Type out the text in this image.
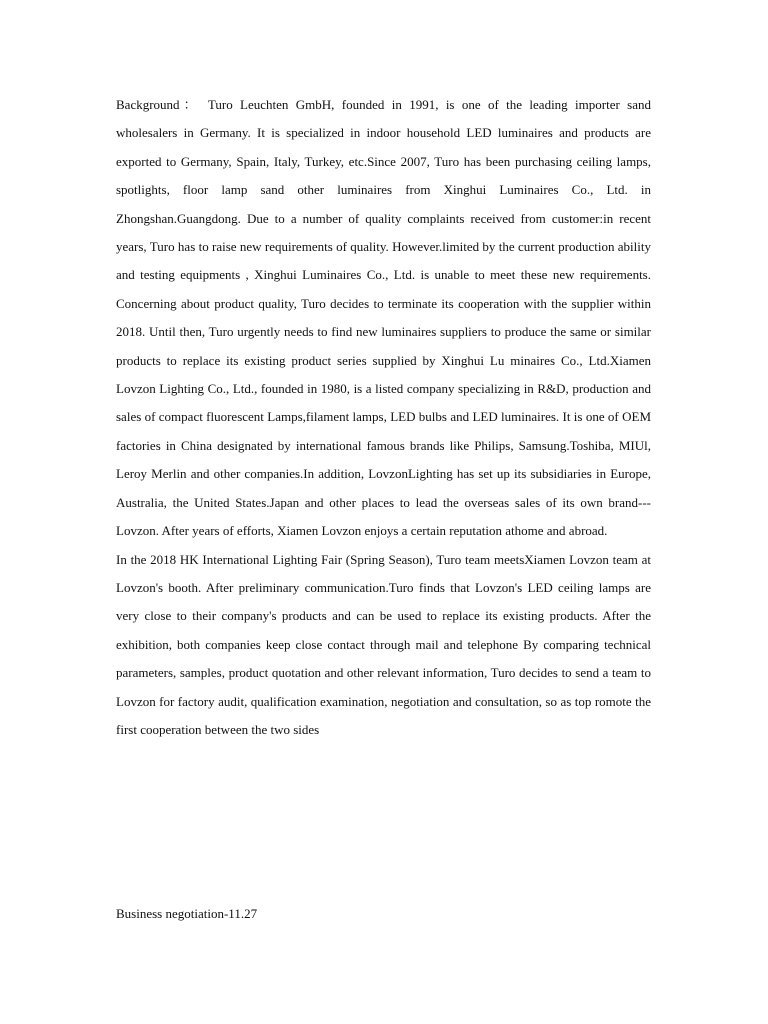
Background： Turo Leuchten GmbH, founded in 1991, is one of the leading importer sand wholesalers in Germany. It is specialized in indoor household LED luminaires and products are exported to Germany, Spain, Italy, Turkey, etc.Since 2007, Turo has been purchasing ceiling lamps, spotlights, floor lamp sand other luminaires from Xinghui Luminaires Co., Ltd. in Zhongshan.Guangdong. Due to a number of quality complaints received from customer:in recent years, Turo has to raise new requirements of quality. However.limited by the current production ability and testing equipments , Xinghui Luminaires Co., Ltd. is unable to meet these new requirements. Concerning about product quality, Turo decides to terminate its cooperation with the supplier within 2018. Until then, Turo urgently needs to find new luminaires suppliers to produce the same or similar products to replace its existing product series supplied by Xinghui Lu minaires Co., Ltd.Xiamen Lovzon Lighting Co., Ltd., founded in 1980, is a listed company specializing in R&D, production and sales of compact fluorescent Lamps,filament lamps, LED bulbs and LED luminaires. It is one of OEM factories in China designated by international famous brands like Philips, Samsung.Toshiba, MIUl, Leroy Merlin and other companies.In addition, LovzonLighting has set up its subsidiaries in Europe, Australia, the United States.Japan and other places to lead the overseas sales of its own brand---Lovzon. After years of efforts, Xiamen Lovzon enjoys a certain reputation athome and abroad.

In the 2018 HK International Lighting Fair (Spring Season), Turo team meetsXiamen Lovzon team at Lovzon's booth. After preliminary communication.Turo finds that Lovzon's LED ceiling lamps are very close to their company's products and can be used to replace its existing products. After the exhibition, both companies keep close contact through mail and telephone By comparing technical parameters, samples, product quotation and other relevant information, Turo decides to send a team to Lovzon for factory audit, qualification examination, negotiation and consultation, so as top romote the first cooperation between the two sides

Business negotiation-11.27
